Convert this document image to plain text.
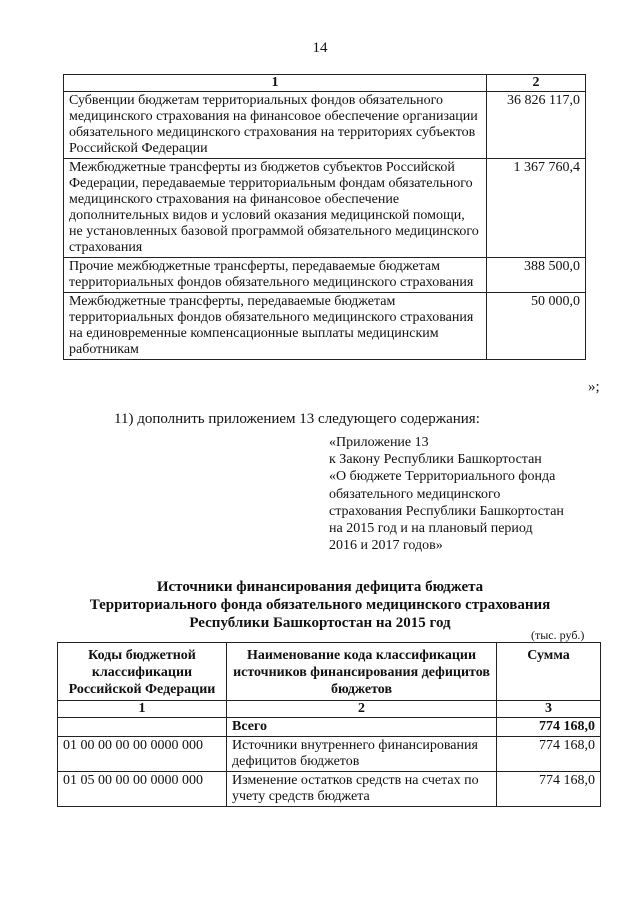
14
1	2
Субвенции бюджетам территориальных фондов обязательного медицинского страхования на финансовое обеспечение организации обязательного медицинского страхования на территориях субъектов Российской Федерации	36 826 117,0
Межбюджетные трансферты из бюджетов субъектов Российской Федерации, передаваемые территориальным фондам обязательного медицинского страхования на финансовое обеспечение дополнительных видов и условий оказания медицинской помощи, не установленных базовой программой обязательного медицинского страхования	1 367 760,4
Прочие межбюджетные трансферты, передаваемые бюджетам территориальных фондов обязательного медицинского страхования	388 500,0
Межбюджетные трансферты, передаваемые бюджетам территориальных фондов обязательного медицинского страхования на единовременные компенсационные выплаты медицинским работникам	50 000,0
»;
11) дополнить приложением 13 следующего содержания:
«Приложение 13
к Закону Республики Башкортостан
«О бюджете Территориального фонда
обязательного медицинского
страхования Республики Башкортостан
на 2015 год и на плановый период
2016 и 2017 годов»
Источники финансирования дефицита бюджета
Территориального фонда обязательного медицинского страхования
Республики Башкортостан на 2015 год
(тыс. руб.)
Коды бюджетной классификации Российской Федерации	Наименование кода классификации источников финансирования дефицитов бюджетов	Сумма
1	2	3
	Всего	774 168,0
01 00 00 00 00 0000 000	Источники внутреннего финансирования дефицитов бюджетов	774 168,0
01 05 00 00 00 0000 000	Изменение остатков средств на счетах по учету средств бюджета	774 168,0
